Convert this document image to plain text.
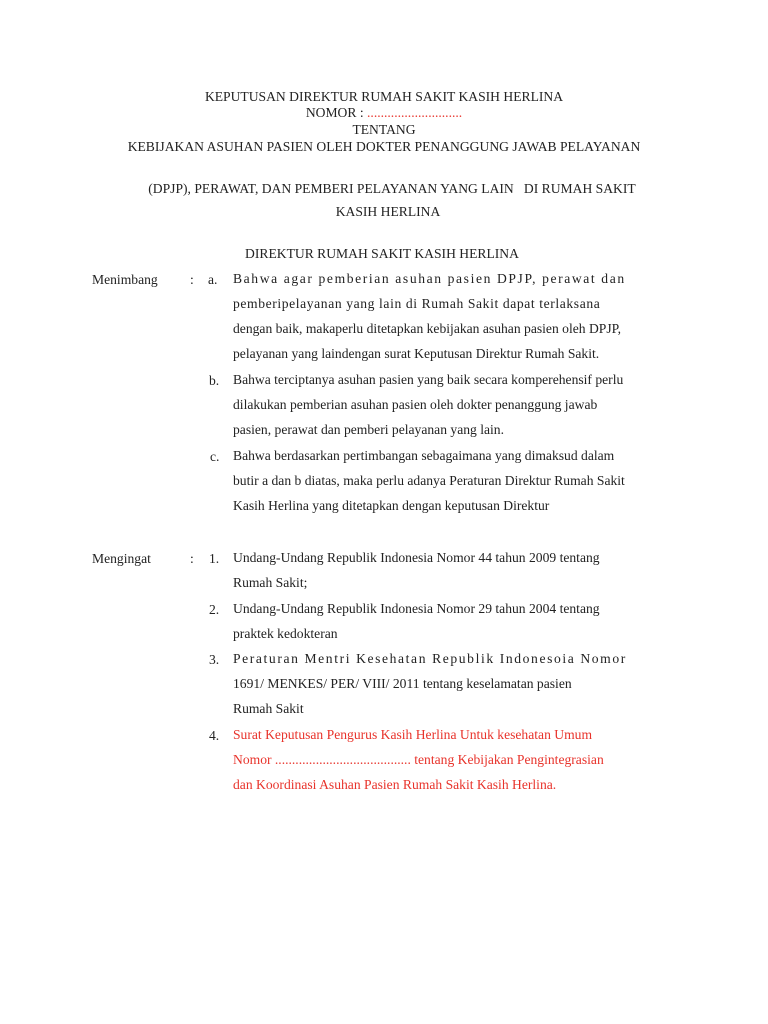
KEPUTUSAN DIREKTUR RUMAH SAKIT KASIH HERLINA
NOMOR : ............................
TENTANG
KEBIJAKAN ASUHAN PASIEN OLEH DOKTER PENANGGUNG JAWAB PELAYANAN
(DPJP), PERAWAT, DAN PEMBERI PELAYANAN YANG LAIN   DI RUMAH SAKIT
KASIH HERLINA
DIREKTUR RUMAH SAKIT KASIH HERLINA
Menimbang : a. Bahwa agar pemberian asuhan pasien DPJP, perawat dan
pemberipelayanan yang lain di Rumah Sakit dapat terlaksana
dengan baik, makaperlu ditetapkan kebijakan asuhan pasien oleh DPJP,
pelayanan yang laindengan surat Keputusan Direktur Rumah Sakit.
b. Bahwa terciptanya asuhan pasien yang baik secara komperehensif perlu
dilakukan pemberian asuhan pasien oleh dokter penanggung jawab
pasien, perawat dan pemberi pelayanan yang lain.
c. Bahwa berdasarkan pertimbangan sebagaimana yang dimaksud dalam
butir a dan b diatas, maka perlu adanya Peraturan Direktur Rumah Sakit
Kasih Herlina yang ditetapkan dengan keputusan Direktur
Mengingat	: 1. Undang-Undang Republik Indonesia Nomor 44 tahun 2009 tentang
Rumah Sakit;
2. Undang-Undang Republik Indonesia Nomor 29 tahun 2004 tentang
praktek kedokteran
3. Peraturan Mentri Kesehatan Republik Indonesoia Nomor
1691/ MENKES/ PER/ VIII/ 2011 tentang keselamatan pasien
Rumah Sakit
4. Surat Keputusan Pengurus Kasih Herlina Untuk kesehatan Umum
Nomor ........................................ tentang Kebijakan Pengintegrasian
dan Koordinasi Asuhan Pasien Rumah Sakit Kasih Herlina.
